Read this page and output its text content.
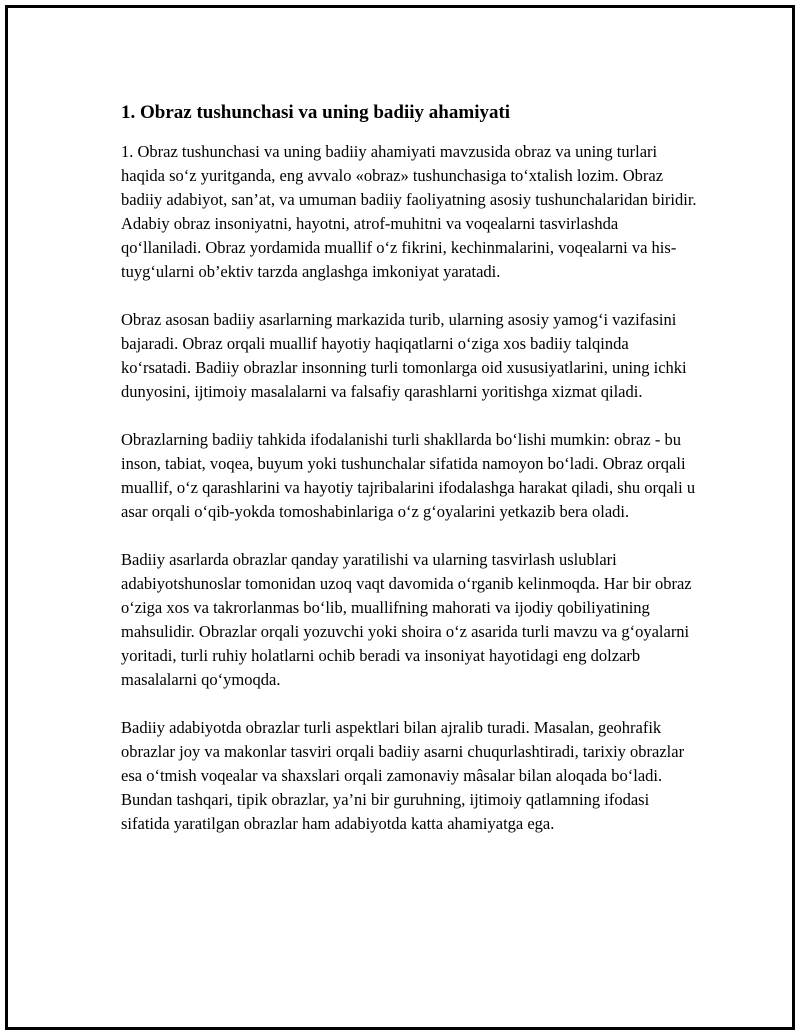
1. Obraz tushunchasi va uning badiiy ahamiyati

1. Obraz tushunchasi va uning badiiy ahamiyati mavzusida obraz va uning turlari haqida so‘z yuritganda, eng avvalo «obraz» tushunchasiga to‘xtalish lozim. Obraz badiiy adabiyot, san’at, va umuman badiiy faoliyatning asosiy tushunchalaridan biridir. Adabiy obraz insoniyatni, hayotni, atrof-muhitni va voqealarni tasvirlashda qo‘llaniladi. Obraz yordamida muallif o‘z fikrini, kechinmalarini, voqealarni va his-tuyg‘ularni ob’ektiv tarzda anglashga imkoniyat yaratadi.

Obraz asosan badiiy asarlarning markazida turib, ularning asosiy yamog‘i vazifasini bajaradi. Obraz orqali muallif hayotiy haqiqatlarni o‘ziga xos badiiy talqinda ko‘rsatadi. Badiiy obrazlar insonning turli tomonlarga oid xususiyatlarini, uning ichki dunyosini, ijtimoiy masalalarni va falsafiy qarashlarni yoritishga xizmat qiladi.

Obrazlarning badiiy tahkida ifodalanishi turli shakllarda bo‘lishi mumkin: obraz - bu inson, tabiat, voqea, buyum yoki tushunchalar sifatida namoyon bo‘ladi. Obraz orqali muallif, o‘z qarashlarini va hayotiy tajribalarini ifodalashga harakat qiladi, shu orqali u asar orqali o‘qib-yokda tomoshabinlariga o‘z g‘oyalarini yetkazib bera oladi.

Badiiy asarlarda obrazlar qanday yaratilishi va ularning tasvirlash uslublari adabiyotshunoslar tomonidan uzoq vaqt davomida o‘rganib kelinmoqda. Har bir obraz o‘ziga xos va takrorlanmas bo‘lib, muallifning mahorati va ijodiy qobiliyatining mahsulidir. Obrazlar orqali yozuvchi yoki shoira o‘z asarida turli mavzu va g‘oyalarni yoritadi, turli ruhiy holatlarni ochib beradi va insoniyat hayotidagi eng dolzarb masalalarni qo‘ymoqda.

Badiiy adabiyotda obrazlar turli aspektlari bilan ajralib turadi. Masalan, geohrafik obrazlar joy va makonlar tasviri orqali badiiy asarni chuqurlashtiradi, tarixiy obrazlar esa o‘tmish voqealar va shaxslari orqali zamonaviy mâsalar bilan aloqada bo‘ladi. Bundan tashqari, tipik obrazlar, ya’ni bir guruhning, ijtimoiy qatlamning ifodasi sifatida yaratilgan obrazlar ham adabiyotda katta ahamiyatga ega.
